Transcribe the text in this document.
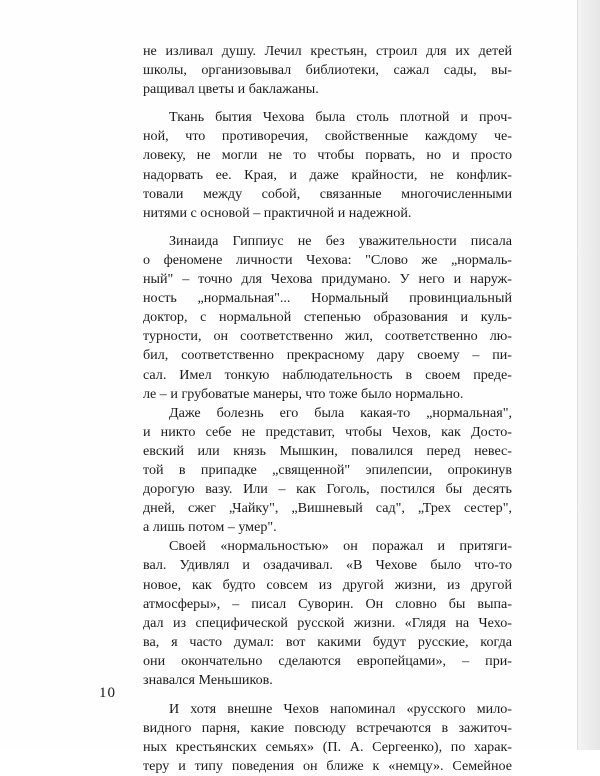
не изливал душу. Лечил крестьян, строил для их детей
школы, организовывал библиотеки, сажал сады, вы-
ращивал цветы и баклажаны.
Ткань бытия Чехова была столь плотной и проч-
ной, что противоречия, свойственные каждому че-
ловеку, не могли не то чтобы порвать, но и просто
надорвать ее. Края, и даже крайности, не конфлик-
товали между собой, связанные многочисленными
нитями с основой – практичной и надежной.
Зинаида Гиппиус не без уважительности писала
о феномене личности Чехова: "Слово же „нормаль-
ный" – точно для Чехова придумано. У него и наруж-
ность „нормальная"... Нормальный провинциальный
доктор, с нормальной степенью образования и куль-
турности, он соответственно жил, соответственно лю-
бил, соответственно прекрасному дару своему – пи-
сал. Имел тонкую наблюдательность в своем преде-
ле – и грубоватые манеры, что тоже было нормально.
Даже болезнь его была какая-то „нормальная",
и никто себе не представит, чтобы Чехов, как Досто-
евский или князь Мышкин, повалился перед невес-
той в припадке „священной" эпилепсии, опрокинув
дорогую вазу. Или – как Гоголь, постился бы десять
дней, сжег „Чайку", „Вишневый сад", „Трех сестер",
а лишь потом – умер".
Своей «нормальностью» он поражал и притяги-
вал. Удивлял и озадачивал. «В Чехове было что-то
новое, как будто совсем из другой жизни, из другой
атмосферы», – писал Суворин. Он словно бы выпа-
дал из специфической русской жизни. «Глядя на Чехо-
ва, я часто думал: вот какими будут русские, когда
они окончательно сделаются европейцами», – при-
знавался Меньшиков.
И хотя внешне Чехов напоминал «русского мило-
видного парня, какие повсюду встречаются в зажиточ-
ных крестьянских семьях» (П. А. Сергеенко), по харак-
теру и типу поведения он ближе к «немцу». Семейное
10
